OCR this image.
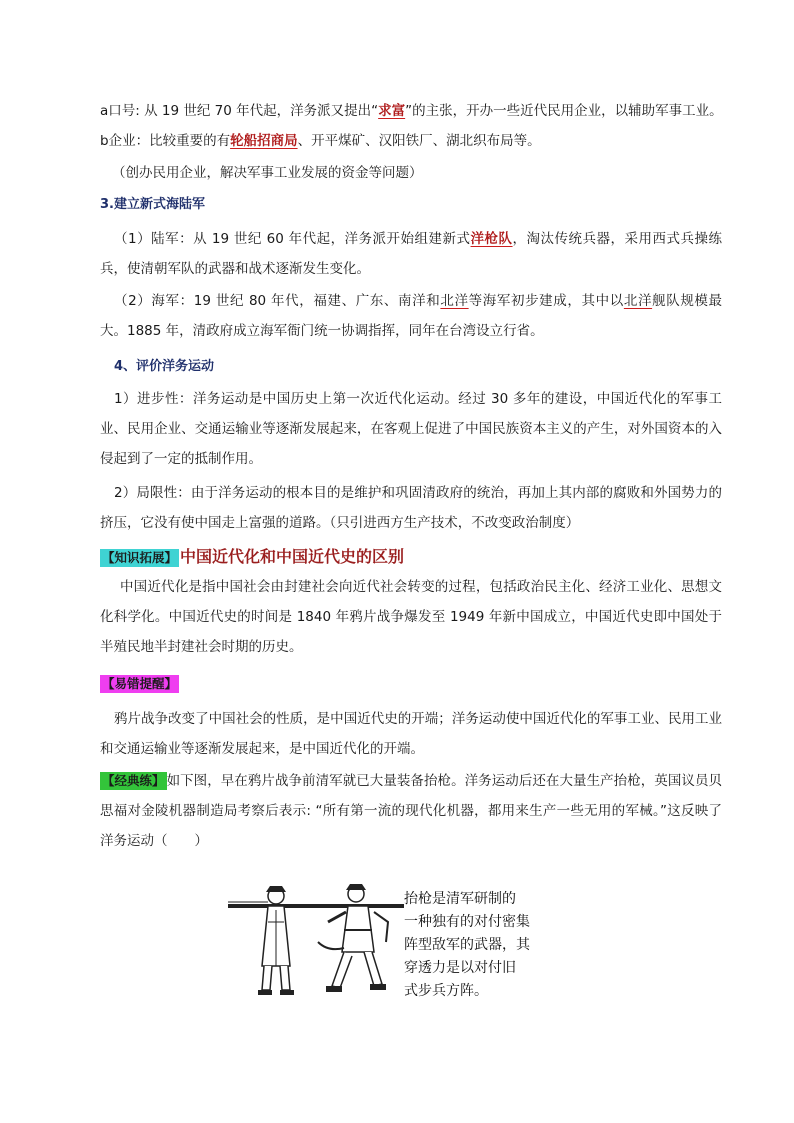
a口号: 从 19 世纪 70 年代起，洋务派又提出“求富”的主张，开办一些近代民用企业，以辅助军事工业。

b企业：比较重要的有轮船招商局、开平煤矿、汉阳铁厂、湖北织布局等。

（创办民用企业，解决军事工业发展的资金等问题）

3.建立新式海陆军

（1）陆军：从 19 世纪 60 年代起，洋务派开始组建新式洋枪队，淘汰传统兵器，采用西式兵操练兵，使清朝军队的武器和战术逐渐发生变化。

（2）海军：19 世纪 80 年代，福建、广东、南洋和北洋等海军初步建成，其中以北洋舰队规模最大。1885 年，清政府成立海军衙门统一协调指挥，同年在台湾设立行省。

4、评价洋务运动

1）进步性：洋务运动是中国历史上第一次近代化运动。经过 30 多年的建设，中国近代化的军事工业、民用企业、交通运输业等逐渐发展起来，在客观上促进了中国民族资本主义的产生，对外国资本的入侵起到了一定的抵制作用。

2）局限性：由于洋务运动的根本目的是维护和巩固清政府的统治，再加上其内部的腐败和外国势力的挤压，它没有使中国走上富强的道路。（只引进西方生产技术，不改变政治制度）

【知识拓展】 中国近代化和中国近代史的区别

中国近代化是指中国社会由封建社会向近代社会转变的过程，包括政治民主化、经济工业化、思想文化科学化。中国近代史的时间是 1840 年鸦片战争爆发至 1949 年新中国成立，中国近代史即中国处于半殖民地半封建社会时期的历史。

【易错提醒】

鸦片战争改变了中国社会的性质，是中国近代史的开端；洋务运动使中国近代化的军事工业、民用工业和交通运输业等逐渐发展起来，是中国近代化的开端。

【经典练】 如下图，早在鸦片战争前清军就已大量装备抬枪。洋务运动后还在大量生产抬枪，英国议员贝思福对金陵机器制造局考察后表示: “所有第一流的现代化机器，都用来生产一些无用的军械。”这反映了洋务运动（　　）

抬枪是清军研制的
一种独有的对付密集
阵型敌军的武器，其
穿透力是以对付旧
式步兵方阵。
